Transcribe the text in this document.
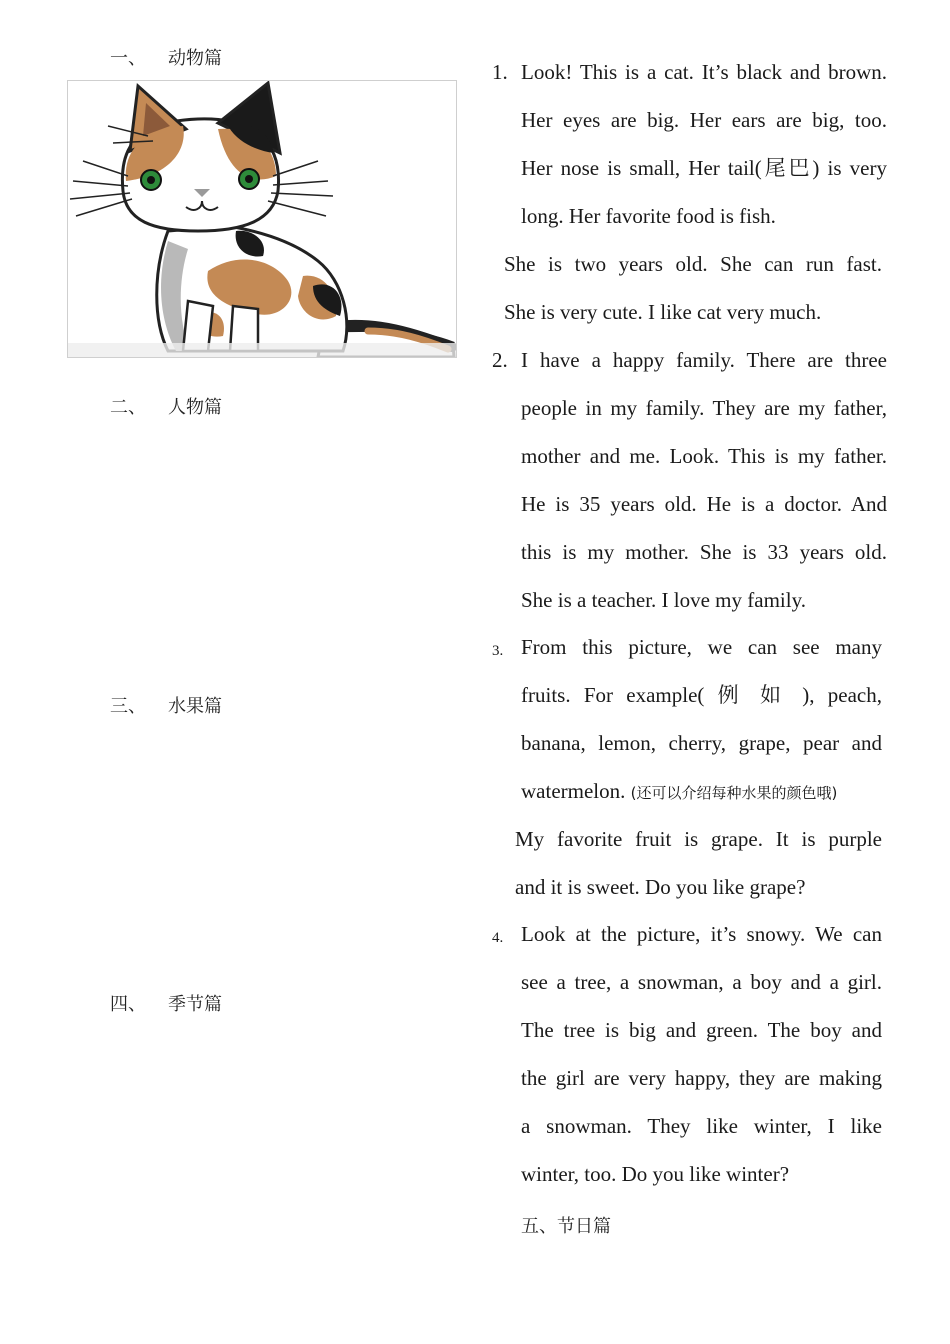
一、 动物篇
二、 人物篇
三、 水果篇
四、 季节篇
1. Look! This is a cat. It’s black and brown.
Her eyes are big. Her ears are big, too.
Her nose is small, Her tail(尾巴) is very
long. Her favorite food is fish.
She is two years old. She can run fast.
She is very cute. I like cat very much.
2. I have a happy family. There are three
people in my family. They are my father,
mother and me. Look. This is my father.
He is 35 years old. He is a doctor. And
this is my mother. She is 33 years old.
She is a teacher. I love my family.
3. From this picture, we can see many
fruits. For example( 例 如 ), peach,
banana, lemon, cherry, grape, pear and
watermelon. (还可以介绍每种水果的颜色哦)
My favorite fruit is grape. It is purple
and it is sweet. Do you like grape?
4. Look at the picture, it’s snowy. We can
see a tree, a snowman, a boy and a girl.
The tree is big and green. The boy and
the girl are very happy, they are making
a snowman. They like winter, I like
winter, too. Do you like winter?
五、节日篇
